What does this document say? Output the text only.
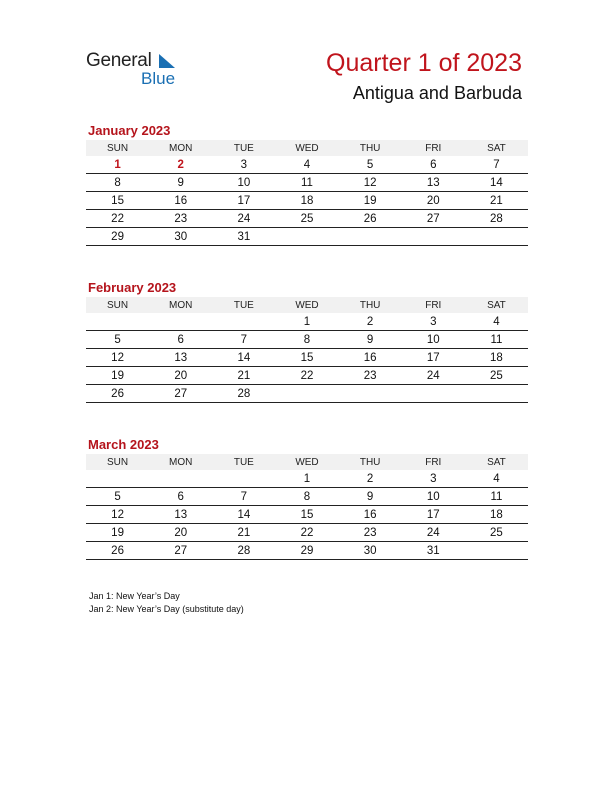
General
Blue
Quarter 1 of 2023
Antigua and Barbuda
January 2023
SUN	MON	TUE	WED	THU	FRI	SAT
1	2	3	4	5	6	7
8	9	10	11	12	13	14
15	16	17	18	19	20	21
22	23	24	25	26	27	28
29	30	31				
February 2023
SUN	MON	TUE	WED	THU	FRI	SAT
			1	2	3	4
5	6	7	8	9	10	11
12	13	14	15	16	17	18
19	20	21	22	23	24	25
26	27	28				
March 2023
SUN	MON	TUE	WED	THU	FRI	SAT
			1	2	3	4
5	6	7	8	9	10	11
12	13	14	15	16	17	18
19	20	21	22	23	24	25
26	27	28	29	30	31	
Jan 1: New Year’s Day
Jan 2: New Year’s Day (substitute day)
